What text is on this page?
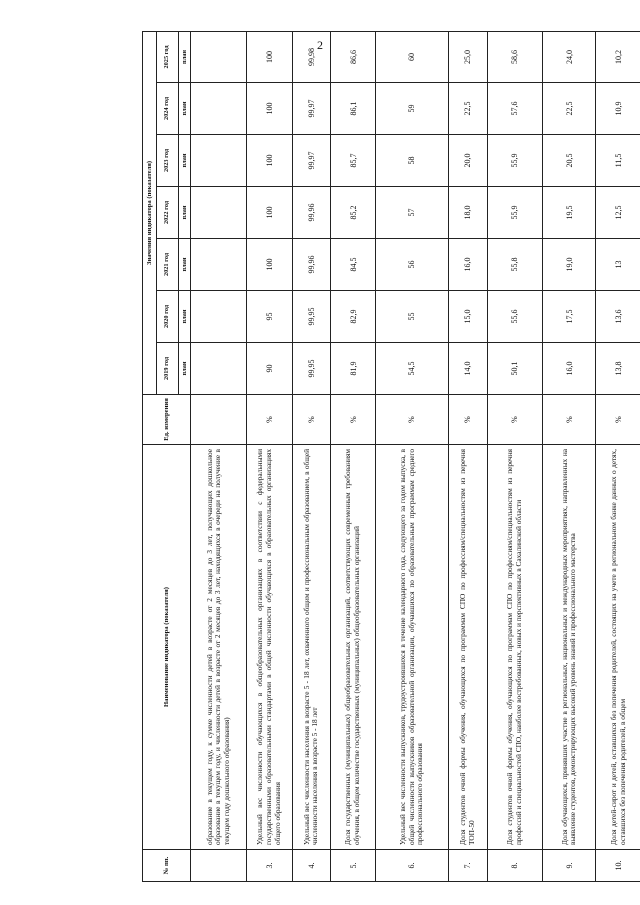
2
№ пп.	Наименование индикатора (показателя)	Ед. измерения	Значения индикатора (показателя)						
			2019 год	2020 год	2021 год	2022 год	2023 год	2024 год	2025 год
			план	план	план	план	план	план	план
	образование в текущем году, к сумме численности детей в возрасте от 2 месяцев до 3 лет, получающих дошкольное образование в текущем году, и численности детей в возрасте от 2 месяцев до 3 лет, находящихся в очереди на получение в текущем году дошкольного образования)								
3.	Удельный вес численности обучающихся в общеобразовательных организациях в соответствии с федеральными государственными образовательными стандартами в общей численности обучающихся в образовательных организациях общего образования	%	90	95	100	100	100	100	100
4.	Удельный вес численности населения в возрасте 5 - 18 лет, охваченного общим и профессиональным образованием, в общей численности населения в возрасте 5 - 18 лет	%	99,95	99,95	99,96	99,96	99,97	99,97	99,98
5.	Доля государственных (муниципальных) общеобразовательных организаций, соответствующих современным требованиям обучения, в общем количестве государственных (муниципальных) общеобразовательных организаций	%	81,9	82,9	84,5	85,2	85,7	86,1	86,6
6.	Удельный вес численности выпускников, трудоустроившихся в течение календарного года, следующего за годом выпуска, в общей численности выпускников образовательной организации, обучавшихся по образовательным программам среднего профессионального образования	%	54,5	55	56	57	58	59	60
7.	Доля студентов очной формы обучения, обучающихся по программам СПО по профессиям/специальностям из перечня ТОП-50	%	14,0	15,0	16,0	18,0	20,0	22,5	25,0
8.	Доля студентов очной формы обучения, обучающихся по программам СПО по профессиям/специальностям из перечня профессий и специальностей СПО, наиболее востребованных, новых и перспективных в Сахалинской области	%	50,1	55,6	55,8	55,9	55,9	57,6	58,6
9.	Доля обучающихся, принявших участие в региональных, национальных и международных мероприятиях, направленных на выявление студентов, демонстрирующих высокий уровень знаний и профессионального мастерства	%	16,0	17,5	19,0	19,5	20,5	22,5	24,0
10.	Доля детей-сирот и детей, оставшихся без попечения родителей, состоящих на учете в региональном банке данных о детях, оставшихся без попечения родителей, в общем	%	13,8	13,6	13	12,5	11,5	10,9	10,2
